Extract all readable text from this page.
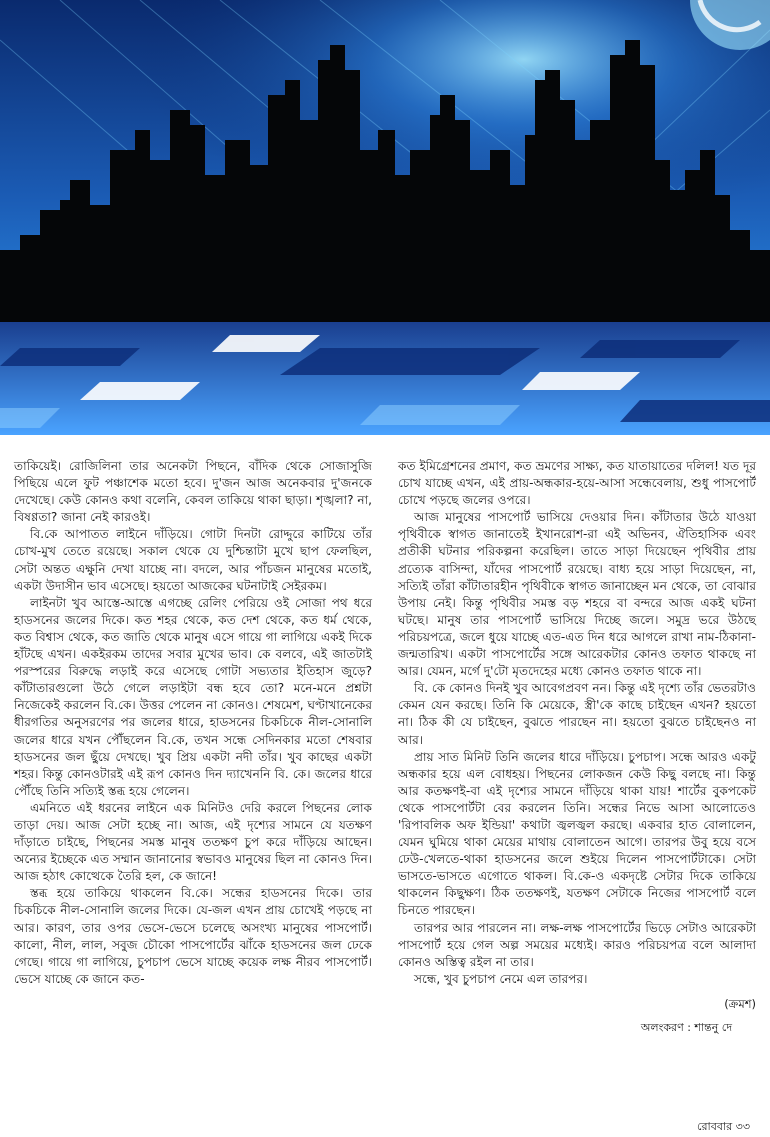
তাকিয়েই। রোজিলিনা তার অনেকটা পিছনে, বাঁদিক থেকে সোজাসুজি পিছিয়ে এলে ফুট পঞ্চাশেক মতো হবে। দু'জন আজ অনেকবার দু'জনকে দেখেছে। কেউ কোনও কথা বলেনি, কেবল তাকিয়ে থাকা ছাড়া। শৃঙ্খলা? না, বিষণ্ণতা? জানা নেই কারওই।

বি.কে আপাতত লাইনে দাঁড়িয়ে। গোটা দিনটা রোদ্দুরে কাটিয়ে তাঁর চোখ-মুখ তেতে রয়েছে। সকাল থেকে যে দুশ্চিন্তাটা মুখে ছাপ ফেলছিল, সেটা অন্তত এক্ষুনি দেখা যাচ্ছে না। বদলে, আর পাঁচজন মানুষের মতোই, একটা উদাসীন ভাব এসেছে। হয়তো আজকের ঘটনাটাই সেইরকম।

লাইনটা খুব আস্তে-আস্তে এগচ্ছে রেলিং পেরিয়ে ওই সোজা পথ ধরে হাডসনের জলের দিকে। কত শহর থেকে, কত দেশ থেকে, কত ধর্ম থেকে, কত বিশ্বাস থেকে, কত জাতি থেকে মানুষ এসে গায়ে গা লাগিয়ে একই দিকে হাঁটছে এখন। একইরকম তাদের সবার মুখের ভাব। কে বলবে, এই জাতটাই পরস্পরের বিরুদ্ধে লড়াই করে এসেছে গোটা সভ্যতার ইতিহাস জুড়ে? কাঁটাতারগুলো উঠে গেলে লড়াইটা বন্ধ হবে তো? মনে-মনে প্রশ্নটা নিজেকেই করলেন বি.কে। উত্তর পেলেন না কোনও। শেষমেশ, ঘণ্টাখানেকের ধীরগতির অনুসরণের পর জলের ধারে, হাডসনের চিকচিকে নীল-সোনালি জলের ধারে যখন পৌঁছলেন বি.কে, তখন সন্ধে সেদিনকার মতো শেষবার হাডসনের জল ছুঁয়ে দেখছে। খুব প্রিয় একটা নদী তাঁর। খুব কাছের একটা শহর। কিন্তু কোনওটারই এই রূপ কোনও দিন দ্যাখেননি বি. কে। জলের ধারে পৌঁছে তিনি সত্যিই স্তব্ধ হয়ে গেলেন।

এমনিতে এই ধরনের লাইনে এক মিনিটও দেরি করলে পিছনের লোক তাড়া দেয়। আজ সেটা হচ্ছে না। আজ, এই দৃশ্যের সামনে যে যতক্ষণ দাঁড়াতে চাইছে, পিছনের সমস্ত মানুষ ততক্ষণ চুপ করে দাঁড়িয়ে আছেন। অন্যের ইচ্ছেকে এত সম্মান জানানোর স্বভাবও মানুষের ছিল না কোনও দিন। আজ হঠাৎ কোত্থেকে তৈরি হল, কে জানে!

স্তব্ধ হয়ে তাকিয়ে থাকলেন বি.কে। সন্ধের হাডসনের দিকে। তার চিকচিকে নীল-সোনালি জলের দিকে। যে-জল এখন প্রায় চোখেই পড়ছে না আর। কারণ, তার ওপর ভেসে-ভেসে চলেছে অসংখ্য মানুষের পাসপোর্ট। কালো, নীল, লাল, সবুজ চৌকো পাসপোর্টের ঝাঁকে হাডসনের জল ঢেকে গেছে। গায়ে গা লাগিয়ে, চুপচাপ ভেসে যাচ্ছে কয়েক লক্ষ নীরব পাসপোর্ট। ভেসে যাচ্ছে কে জানে কত-

কত ইমিগ্রেশনের প্রমাণ, কত ভ্রমণের সাক্ষ্য, কত যাতায়াতের দলিল! যত দূর চোখ যাচ্ছে এখন, এই প্রায়-অন্ধকার-হয়ে-আসা সন্ধেবেলায়, শুধু পাসপোর্ট চোখে পড়ছে জলের ওপরে।

আজ মানুষের পাসপোর্ট ভাসিয়ে দেওয়ার দিন। কাঁটাতার উঠে যাওয়া পৃথিবীকে স্বাগত জানাতেই ইখানরোশ-রা এই অভিনব, ঐতিহাসিক এবং প্রতীকী ঘটনার পরিকল্পনা করেছিল। তাতে সাড়া দিয়েছেন পৃথিবীর প্রায় প্রত্যেক বাসিন্দা, যাঁদের পাসপোর্ট রয়েছে। বাধ্য হয়ে সাড়া দিয়েছেন, না, সত্যিই তাঁরা কাঁটাতারহীন পৃথিবীকে স্বাগত জানাচ্ছেন মন থেকে, তা বোঝার উপায় নেই। কিন্তু পৃথিবীর সমস্ত বড় শহরে বা বন্দরে আজ একই ঘটনা ঘটছে। মানুষ তার পাসপোর্ট ভাসিয়ে দিচ্ছে জলে। সমুদ্র ভরে উঠছে পরিচয়পত্রে, জলে ধুয়ে যাচ্ছে এত-এত দিন ধরে আগলে রাখা নাম-ঠিকানা-জন্মতারিখ। একটা পাসপোর্টের সঙ্গে আরেকটার কোনও তফাত থাকছে না আর। যেমন, মর্গে দু'টো মৃতদেহের মধ্যে কোনও তফাত থাকে না।

বি. কে কোনও দিনই খুব আবেগপ্রবণ নন। কিন্তু এই দৃশ্যে তাঁর ভেতরটাও কেমন যেন করছে। তিনি কি মেয়েকে, স্ত্রী'কে কাছে চাইছেন এখন? হয়তো না। ঠিক কী যে চাইছেন, বুঝতে পারছেন না। হয়তো বুঝতে চাইছেনও না আর।

প্রায় সাত মিনিট তিনি জলের ধারে দাঁড়িয়ে। চুপচাপ। সন্ধে আরও একটু অন্ধকার হয়ে এল বোধহয়। পিছনের লোকজন কেউ কিছু বলছে না। কিন্তু আর কতক্ষণই-বা এই দৃশ্যের সামনে দাঁড়িয়ে থাকা যায়! শার্টের বুকপকেট থেকে পাসপোর্টটা বের করলেন তিনি। সন্ধের নিভে আসা আলোতেও 'রিপাবলিক অফ ইন্ডিয়া' কথাটা জ্বলজ্বল করছে। একবার হাত বোলালেন, যেমন ঘুমিয়ে থাকা মেয়ের মাথায় বোলাতেন আগে। তারপর উবু হয়ে বসে ঢেউ-খেলতে-থাকা হাডসনের জলে শুইয়ে দিলেন পাসপোর্টটাকে। সেটা ভাসতে-ভাসতে এগোতে থাকল। বি.কে-ও একদৃষ্টে সেটার দিকে তাকিয়ে থাকলেন কিছুক্ষণ। ঠিক ততক্ষণই, যতক্ষণ সেটাকে নিজের পাসপোর্ট বলে চিনতে পারছেন।

তারপর আর পারলেন না। লক্ষ-লক্ষ পাসপোর্টের ভিড়ে সেটাও আরেকটা পাসপোর্ট হয়ে গেল অল্প সময়ের মধ্যেই। কারও পরিচয়পত্র বলে আলাদা কোনও অস্তিত্ব রইল না তার।

সন্ধে, খুব চুপচাপ নেমে এল তারপর।

(ক্রমশ)
অলংকরণ : শান্তনু দে
রোববার ৩৩
